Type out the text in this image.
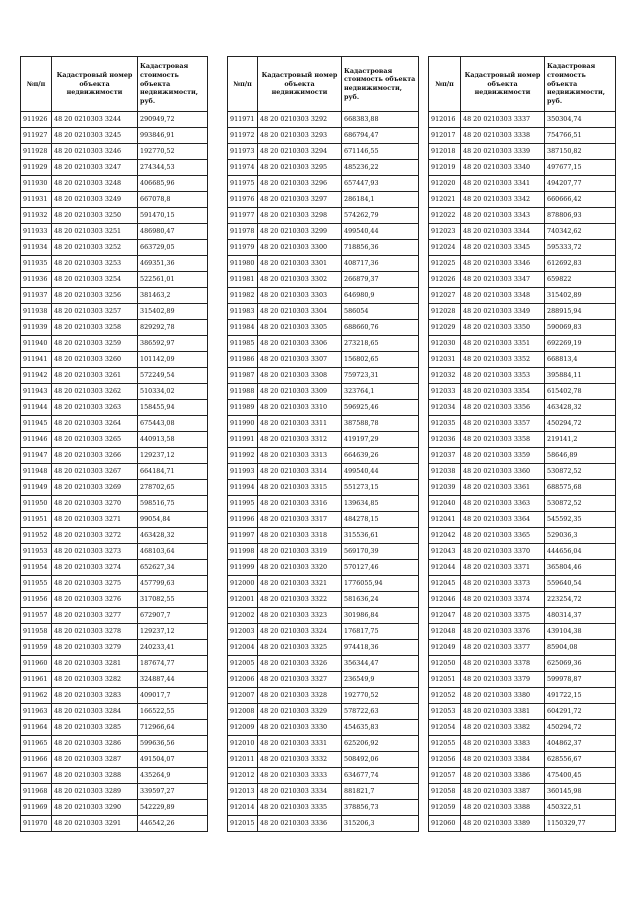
№п/п	Кадастровый номер объекта недвижимости	Кадастровая стоимость объекта недвижимости, руб.
911926	48 20 0210303 3244	290949,72
911927	48 20 0210303 3245	993846,91
911928	48 20 0210303 3246	192770,52
911929	48 20 0210303 3247	274344,53
911930	48 20 0210303 3248	406685,96
911931	48 20 0210303 3249	667078,8
911932	48 20 0210303 3250	591470,15
911933	48 20 0210303 3251	486980,47
911934	48 20 0210303 3252	663729,05
911935	48 20 0210303 3253	469351,36
911936	48 20 0210303 3254	522561,01
911937	48 20 0210303 3256	381463,2
911938	48 20 0210303 3257	315402,89
911939	48 20 0210303 3258	829292,78
911940	48 20 0210303 3259	386592,97
911941	48 20 0210303 3260	101142,09
911942	48 20 0210303 3261	572249,54
911943	48 20 0210303 3262	510334,02
911944	48 20 0210303 3263	158455,94
911945	48 20 0210303 3264	675443,08
911946	48 20 0210303 3265	440913,58
911947	48 20 0210303 3266	129237,12
911948	48 20 0210303 3267	664184,71
911949	48 20 0210303 3269	278702,65
911950	48 20 0210303 3270	598516,75
911951	48 20 0210303 3271	99054,84
911952	48 20 0210303 3272	463428,32
911953	48 20 0210303 3273	468103,64
911954	48 20 0210303 3274	652627,34
911955	48 20 0210303 3275	457799,63
911956	48 20 0210303 3276	317082,55
911957	48 20 0210303 3277	672907,7
911958	48 20 0210303 3278	129237,12
911959	48 20 0210303 3279	240233,41
911960	48 20 0210303 3281	187674,77
911961	48 20 0210303 3282	324887,44
911962	48 20 0210303 3283	409017,7
911963	48 20 0210303 3284	166522,55
911964	48 20 0210303 3285	712966,64
911965	48 20 0210303 3286	599636,56
911966	48 20 0210303 3287	491504,07
911967	48 20 0210303 3288	435264,9
911968	48 20 0210303 3289	339597,27
911969	48 20 0210303 3290	542229,89
911970	48 20 0210303 3291	446542,26
№п/п	Кадастровый номер объекта недвижимости	Кадастровая стоимость объекта недвижимости, руб.
911971	48 20 0210303 3292	668383,88
911972	48 20 0210303 3293	686794,47
911973	48 20 0210303 3294	671146,55
911974	48 20 0210303 3295	485236,22
911975	48 20 0210303 3296	657447,93
911976	48 20 0210303 3297	286184,1
911977	48 20 0210303 3298	574262,79
911978	48 20 0210303 3299	499540,44
911979	48 20 0210303 3300	718856,36
911980	48 20 0210303 3301	408717,36
911981	48 20 0210303 3302	266879,37
911982	48 20 0210303 3303	646980,9
911983	48 20 0210303 3304	586054
911984	48 20 0210303 3305	688660,76
911985	48 20 0210303 3306	273218,65
911986	48 20 0210303 3307	156802,65
911987	48 20 0210303 3308	759723,31
911988	48 20 0210303 3309	323764,1
911989	48 20 0210303 3310	596925,46
911990	48 20 0210303 3311	387588,78
911991	48 20 0210303 3312	419197,29
911992	48 20 0210303 3313	664639,26
911993	48 20 0210303 3314	499540,44
911994	48 20 0210303 3315	551273,15
911995	48 20 0210303 3316	139634,85
911996	48 20 0210303 3317	484278,15
911997	48 20 0210303 3318	315536,61
911998	48 20 0210303 3319	569170,39
911999	48 20 0210303 3320	570127,46
912000	48 20 0210303 3321	1776055,94
912001	48 20 0210303 3322	581636,24
912002	48 20 0210303 3323	301986,84
912003	48 20 0210303 3324	176817,75
912004	48 20 0210303 3325	974418,36
912005	48 20 0210303 3326	356344,47
912006	48 20 0210303 3327	236549,9
912007	48 20 0210303 3328	192770,52
912008	48 20 0210303 3329	578722,63
912009	48 20 0210303 3330	454635,83
912010	48 20 0210303 3331	625206,92
912011	48 20 0210303 3332	508492,06
912012	48 20 0210303 3333	634677,74
912013	48 20 0210303 3334	881821,7
912014	48 20 0210303 3335	378856,73
912015	48 20 0210303 3336	315206,3
№п/п	Кадастровый номер объекта недвижимости	Кадастровая стоимость объекта недвижимости, руб.
912016	48 20 0210303 3337	350304,74
912017	48 20 0210303 3338	754766,51
912018	48 20 0210303 3339	387150,82
912019	48 20 0210303 3340	497677,15
912020	48 20 0210303 3341	494207,77
912021	48 20 0210303 3342	660666,42
912022	48 20 0210303 3343	878806,93
912023	48 20 0210303 3344	740342,62
912024	48 20 0210303 3345	595333,72
912025	48 20 0210303 3346	612692,83
912026	48 20 0210303 3347	659822
912027	48 20 0210303 3348	315402,89
912028	48 20 0210303 3349	288915,94
912029	48 20 0210303 3350	590069,83
912030	48 20 0210303 3351	692269,19
912031	48 20 0210303 3352	668813,4
912032	48 20 0210303 3353	395884,11
912033	48 20 0210303 3354	615402,78
912034	48 20 0210303 3356	463428,32
912035	48 20 0210303 3357	450294,72
912036	48 20 0210303 3358	219141,2
912037	48 20 0210303 3359	58646,89
912038	48 20 0210303 3360	530872,52
912039	48 20 0210303 3361	688575,68
912040	48 20 0210303 3363	530872,52
912041	48 20 0210303 3364	545592,35
912042	48 20 0210303 3365	529036,3
912043	48 20 0210303 3370	444656,04
912044	48 20 0210303 3371	365804,46
912045	48 20 0210303 3373	559640,54
912046	48 20 0210303 3374	223254,72
912047	48 20 0210303 3375	480314,37
912048	48 20 0210303 3376	439104,38
912049	48 20 0210303 3377	85904,08
912050	48 20 0210303 3378	625069,36
912051	48 20 0210303 3379	599978,87
912052	48 20 0210303 3380	491722,15
912053	48 20 0210303 3381	604291,72
912054	48 20 0210303 3382	450294,72
912055	48 20 0210303 3383	404862,37
912056	48 20 0210303 3384	628556,67
912057	48 20 0210303 3386	475400,45
912058	48 20 0210303 3387	360145,98
912059	48 20 0210303 3388	450322,51
912060	48 20 0210303 3389	1150329,77
